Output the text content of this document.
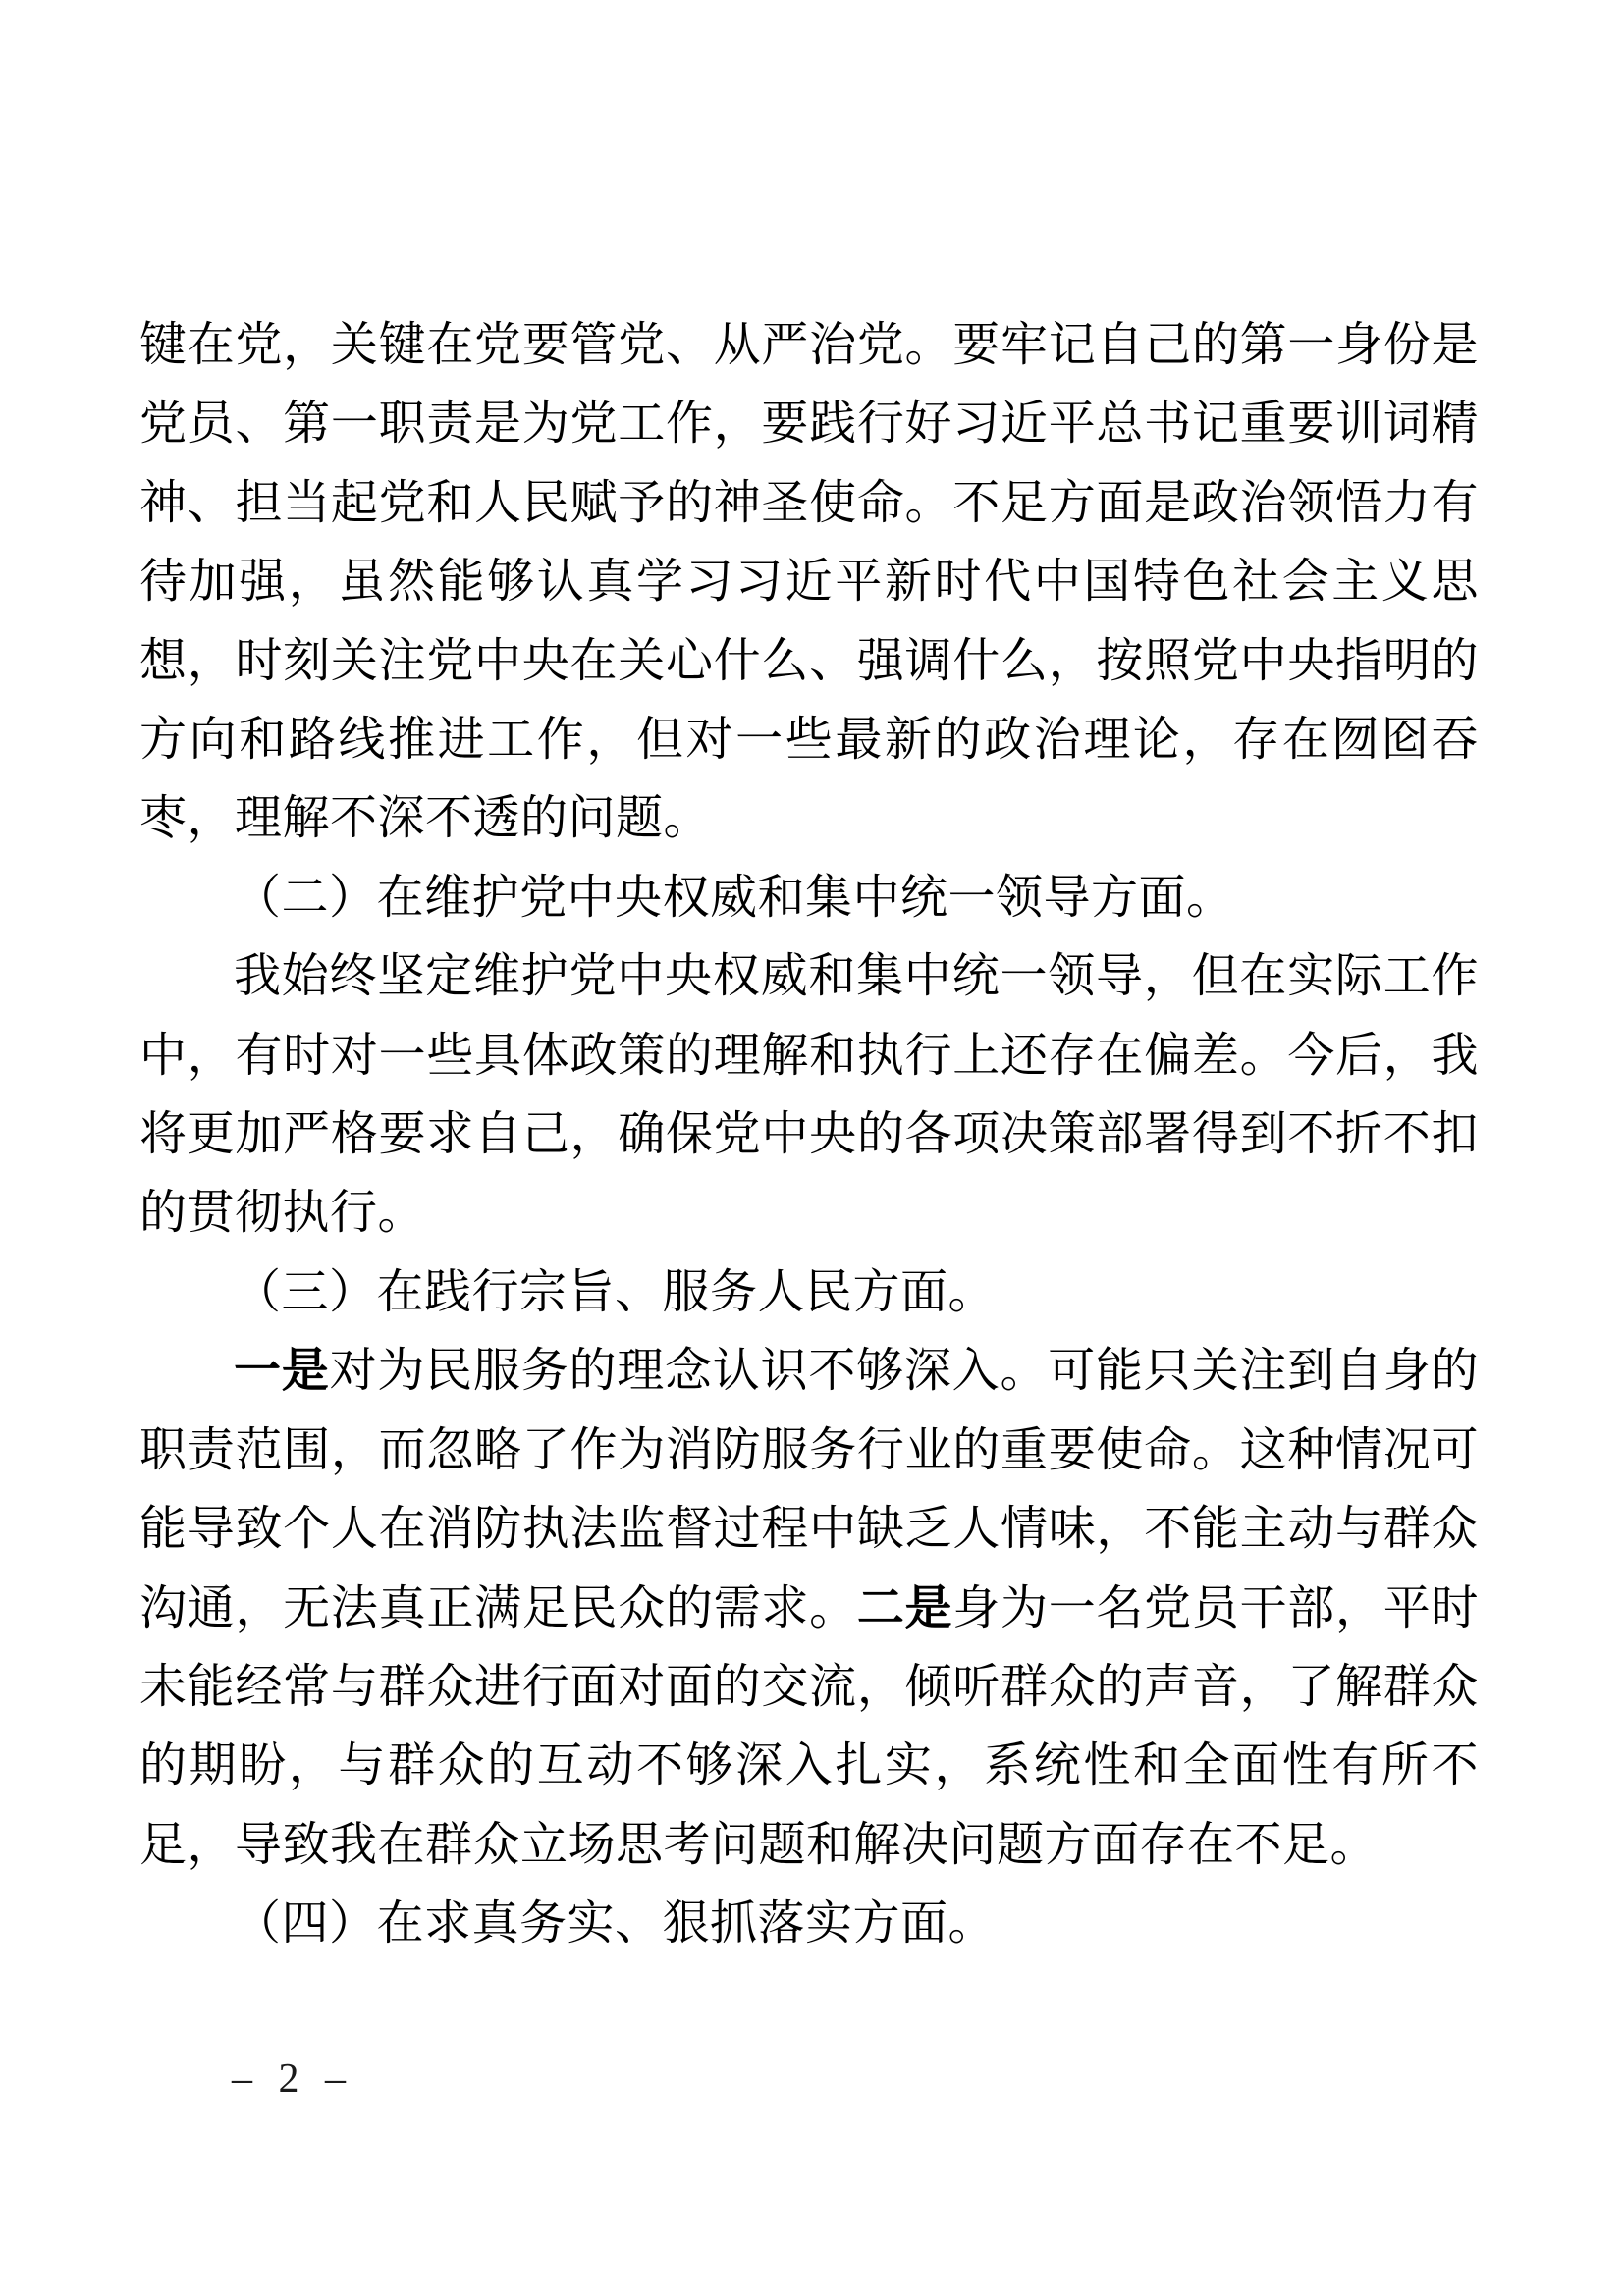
键在党，关键在党要管党、从严治党。要牢记自己的第一身份是党员、第一职责是为党工作，要践行好习近平总书记重要训词精神、担当起党和人民赋予的神圣使命。不足方面是政治领悟力有待加强，虽然能够认真学习习近平新时代中国特色社会主义思想，时刻关注党中央在关心什么、强调什么，按照党中央指明的方向和路线推进工作，但对一些最新的政治理论，存在囫囵吞枣，理解不深不透的问题。

（二）在维护党中央权威和集中统一领导方面。

我始终坚定维护党中央权威和集中统一领导，但在实际工作中，有时对一些具体政策的理解和执行上还存在偏差。今后，我将更加严格要求自己，确保党中央的各项决策部署得到不折不扣的贯彻执行。

（三）在践行宗旨、服务人民方面。

一是对为民服务的理念认识不够深入。可能只关注到自身的职责范围，而忽略了作为消防服务行业的重要使命。这种情况可能导致个人在消防执法监督过程中缺乏人情味，不能主动与群众沟通，无法真正满足民众的需求。二是身为一名党员干部，平时未能经常与群众进行面对面的交流，倾听群众的声音，了解群众的期盼，与群众的互动不够深入扎实，系统性和全面性有所不足，导致我在群众立场思考问题和解决问题方面存在不足。

（四）在求真务实、狠抓落实方面。

– 2 –
